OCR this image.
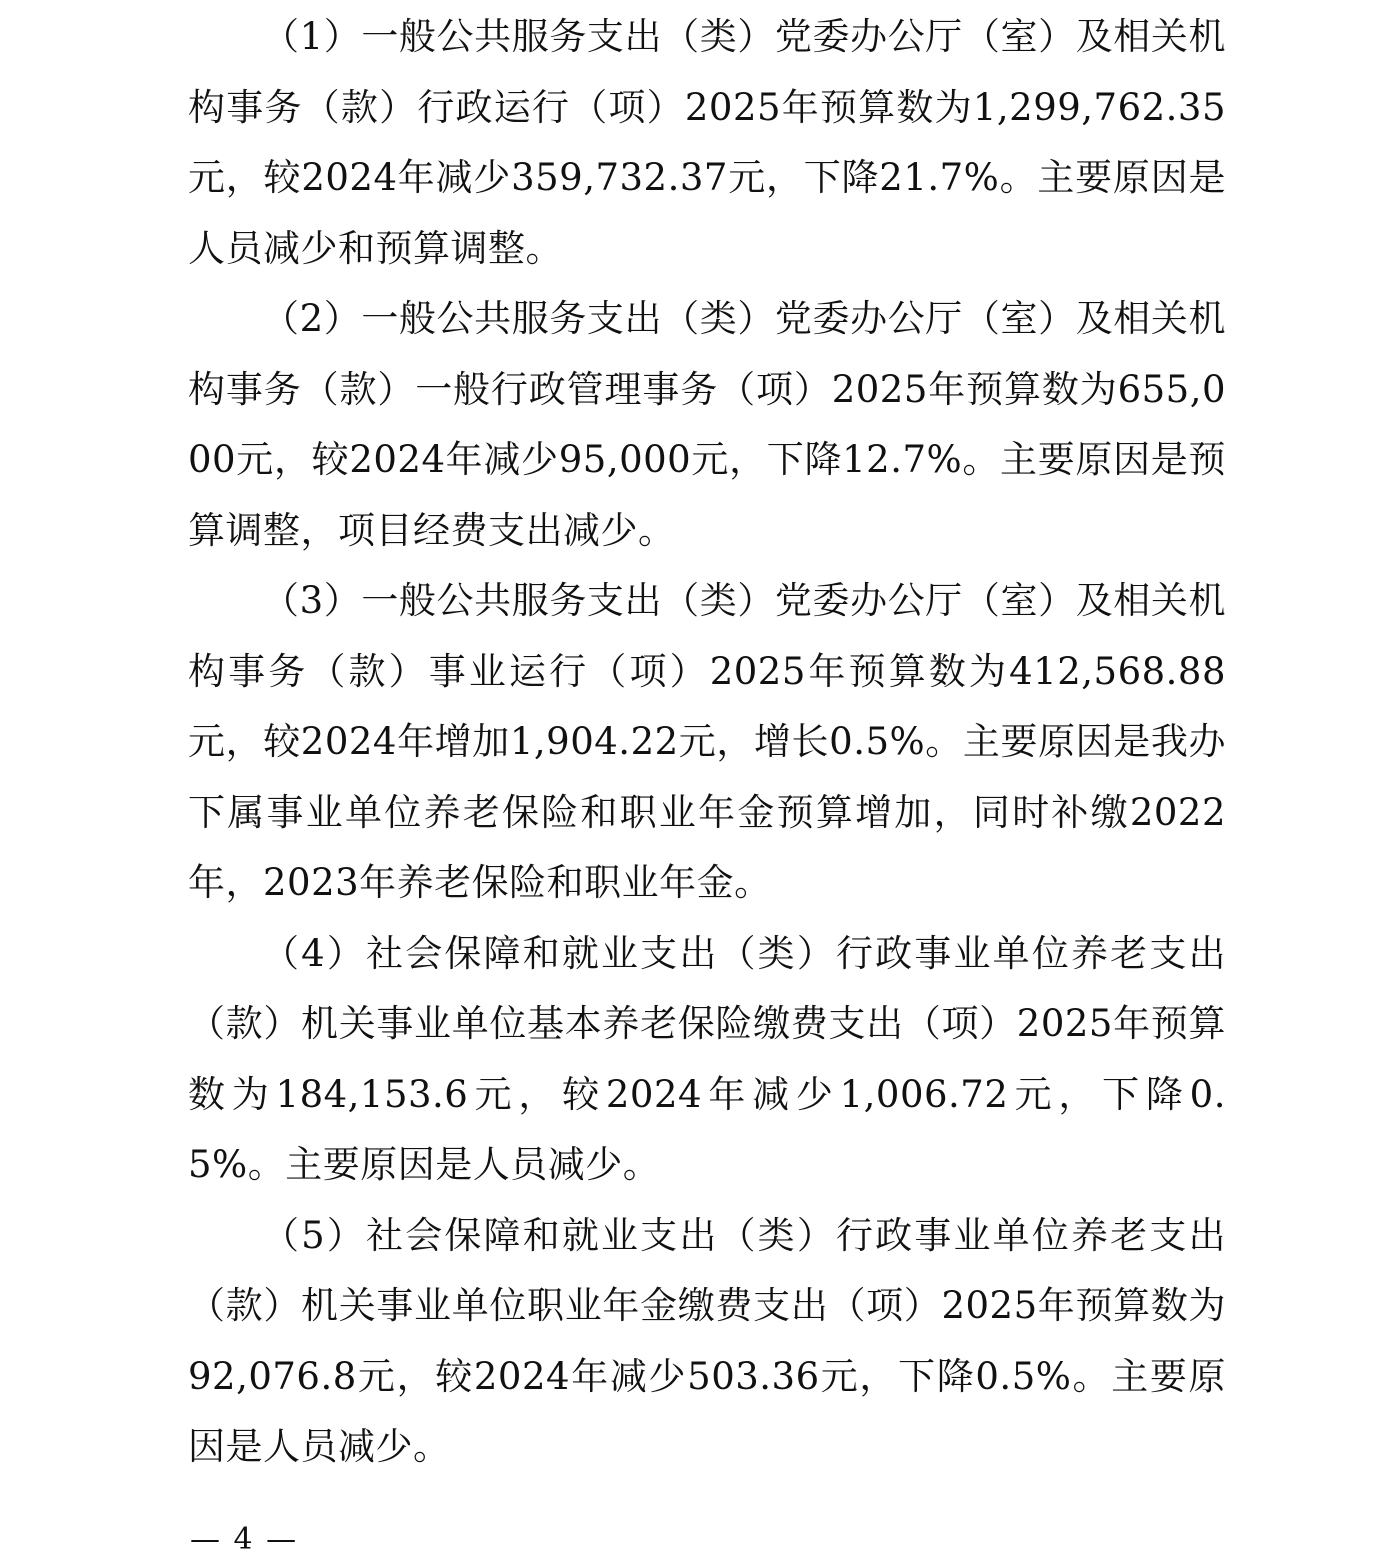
（1）一般公共服务支出（类）党委办公厅（室）及相关机构事务（款）行政运行（项）2025年预算数为1,299,762.35元，较2024年减少359,732.37元，下降21.7%。主要原因是人员减少和预算调整。

（2）一般公共服务支出（类）党委办公厅（室）及相关机构事务（款）一般行政管理事务（项）2025年预算数为655,000元，较2024年减少95,000元，下降12.7%。主要原因是预算调整，项目经费支出减少。

（3）一般公共服务支出（类）党委办公厅（室）及相关机构事务（款）事业运行（项）2025年预算数为412,568.88元，较2024年增加1,904.22元，增长0.5%。主要原因是我办下属事业单位养老保险和职业年金预算增加，同时补缴2022年，2023年养老保险和职业年金。

（4）社会保障和就业支出（类）行政事业单位养老支出（款）机关事业单位基本养老保险缴费支出（项）2025年预算数为184,153.6元，较2024年减少1,006.72元，下降0.5%。主要原因是人员减少。

（5）社会保障和就业支出（类）行政事业单位养老支出（款）机关事业单位职业年金缴费支出（项）2025年预算数为92,076.8元，较2024年减少503.36元，下降0.5%。主要原因是人员减少。

— 4 —
